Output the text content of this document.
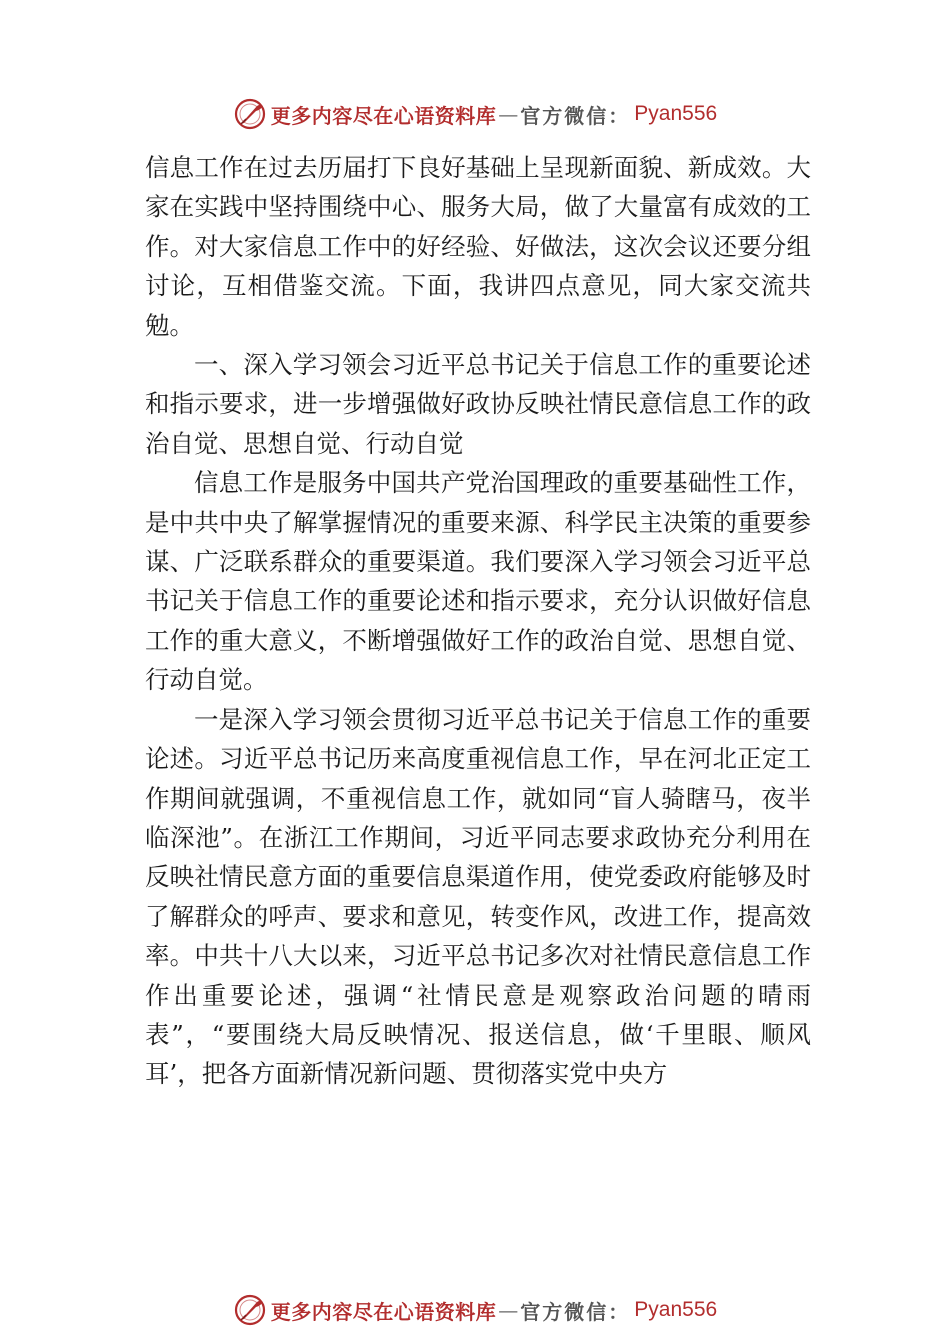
更多内容尽在心语资料库 — 官方微信： Pyan556

信息工作在过去历届打下良好基础上呈现新面貌、新成效。大家在实践中坚持围绕中心、服务大局，做了大量富有成效的工作。对大家信息工作中的好经验、好做法，这次会议还要分组讨论，互相借鉴交流。下面，我讲四点意见，同大家交流共勉。

一、深入学习领会习近平总书记关于信息工作的重要论述和指示要求，进一步增强做好政协反映社情民意信息工作的政治自觉、思想自觉、行动自觉

信息工作是服务中国共产党治国理政的重要基础性工作，是中共中央了解掌握情况的重要来源、科学民主决策的重要参谋、广泛联系群众的重要渠道。我们要深入学习领会习近平总书记关于信息工作的重要论述和指示要求，充分认识做好信息工作的重大意义，不断增强做好工作的政治自觉、思想自觉、行动自觉。

一是深入学习领会贯彻习近平总书记关于信息工作的重要论述。习近平总书记历来高度重视信息工作，早在河北正定工作期间就强调，不重视信息工作，就如同“盲人骑瞎马，夜半临深池”。在浙江工作期间，习近平同志要求政协充分利用在反映社情民意方面的重要信息渠道作用，使党委政府能够及时了解群众的呼声、要求和意见，转变作风，改进工作，提高效率。中共十八大以来，习近平总书记多次对社情民意信息工作作出重要论述，强调“社情民意是观察政治问题的晴雨表”，“要围绕大局反映情况、报送信息，做‘千里眼、顺风耳’，把各方面新情况新问题、贯彻落实党中央方

更多内容尽在心语资料库 — 官方微信： Pyan556
